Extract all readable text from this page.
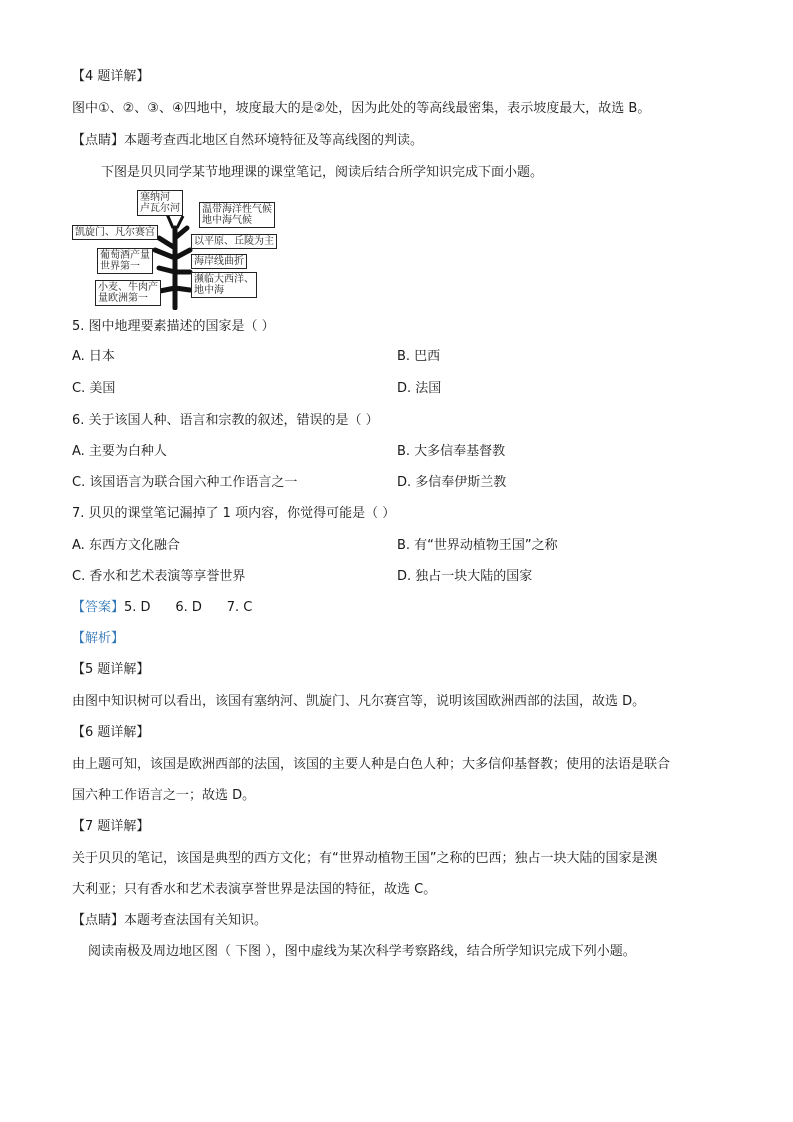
【4 题详解】
图中①、②、③、④四地中，坡度最大的是②处，因为此处的等高线最密集，表示坡度最大，故选 B。
【点睛】本题考查西北地区自然环境特征及等高线图的判读。
下图是贝贝同学某节地理课的课堂笔记，阅读后结合所学知识完成下面小题。
塞纳河
卢瓦尔河	温带海洋性气候
地中海气候
凯旋门、凡尔赛宫
以平原、丘陵为主
葡萄酒产量
世界第一	海岸线曲折
濒临大西洋、
地中海
小麦、牛肉产
量欧洲第一
5. 图中地理要素描述的国家是（ ）
A. 日本	B. 巴西
C. 美国	D. 法国
6. 关于该国人种、语言和宗教的叙述，错误的是（ ）
A. 主要为白种人	B. 大多信奉基督教
C. 该国语言为联合国六种工作语言之一	D. 多信奉伊斯兰教
7. 贝贝的课堂笔记漏掉了 1 项内容，你觉得可能是（ ）
A. 东西方文化融合	B. 有“世界动植物王国”之称
C. 香水和艺术表演等享誉世界	D. 独占一块大陆的国家
【答案】5. D      6. D      7. C
【解析】
【5 题详解】
由图中知识树可以看出，该国有塞纳河、凯旋门、凡尔赛宫等，说明该国欧洲西部的法国，故选 D。
【6 题详解】
由上题可知，该国是欧洲西部的法国，该国的主要人种是白色人种；大多信仰基督教；使用的法语是联合
国六种工作语言之一；故选 D。
【7 题详解】
关于贝贝的笔记，该国是典型的西方文化；有“世界动植物王国”之称的巴西；独占一块大陆的国家是澳
大利亚；只有香水和艺术表演享誉世界是法国的特征，故选 C。
【点睛】本题考查法国有关知识。
阅读南极及周边地区图（ 下图 ），图中虚线为某次科学考察路线，结合所学知识完成下列小题。
